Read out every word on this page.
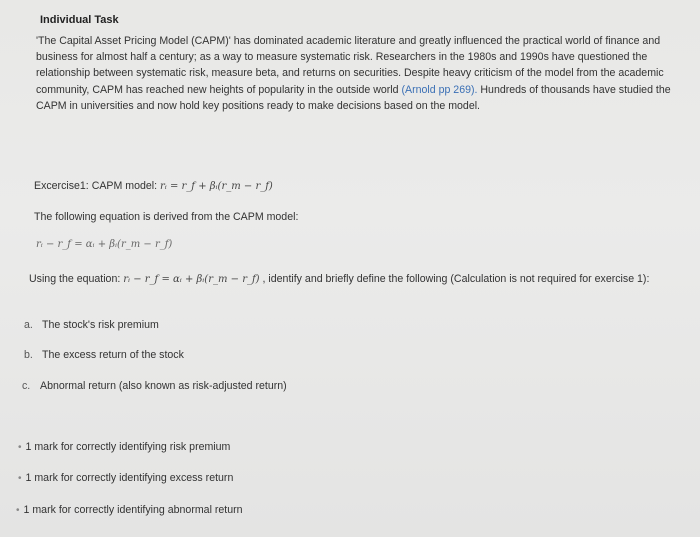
Individual Task
'The Capital Asset Pricing Model (CAPM)' has dominated academic literature and greatly influenced the practical world of finance and business for almost half a century; as a way to measure systematic risk. Researchers in the 1980s and 1990s have questioned the relationship between systematic risk, measure beta, and returns on securities. Despite heavy criticism of the model from the academic community, CAPM has reached new heights of popularity in the outside world (Arnold pp 269). Hundreds of thousands have studied the CAPM in universities and now hold key positions ready to make decisions based on the model.
Excercise1: CAPM model: rᵢ = r_f + βᵢ(r_m − r_f)
The following equation is derived from the CAPM model:
rᵢ − r_f = αᵢ + βᵢ(r_m − r_f)
Using the equation: rᵢ − r_f = αᵢ + βᵢ(r_m − r_f) , identify and briefly define the following (Calculation is not required for exercise 1):
a. The stock's risk premium
b. The excess return of the stock
c. Abnormal return (also known as risk-adjusted return)
• 1 mark for correctly identifying risk premium
• 1 mark for correctly identifying excess return
• 1 mark for correctly identifying abnormal return
